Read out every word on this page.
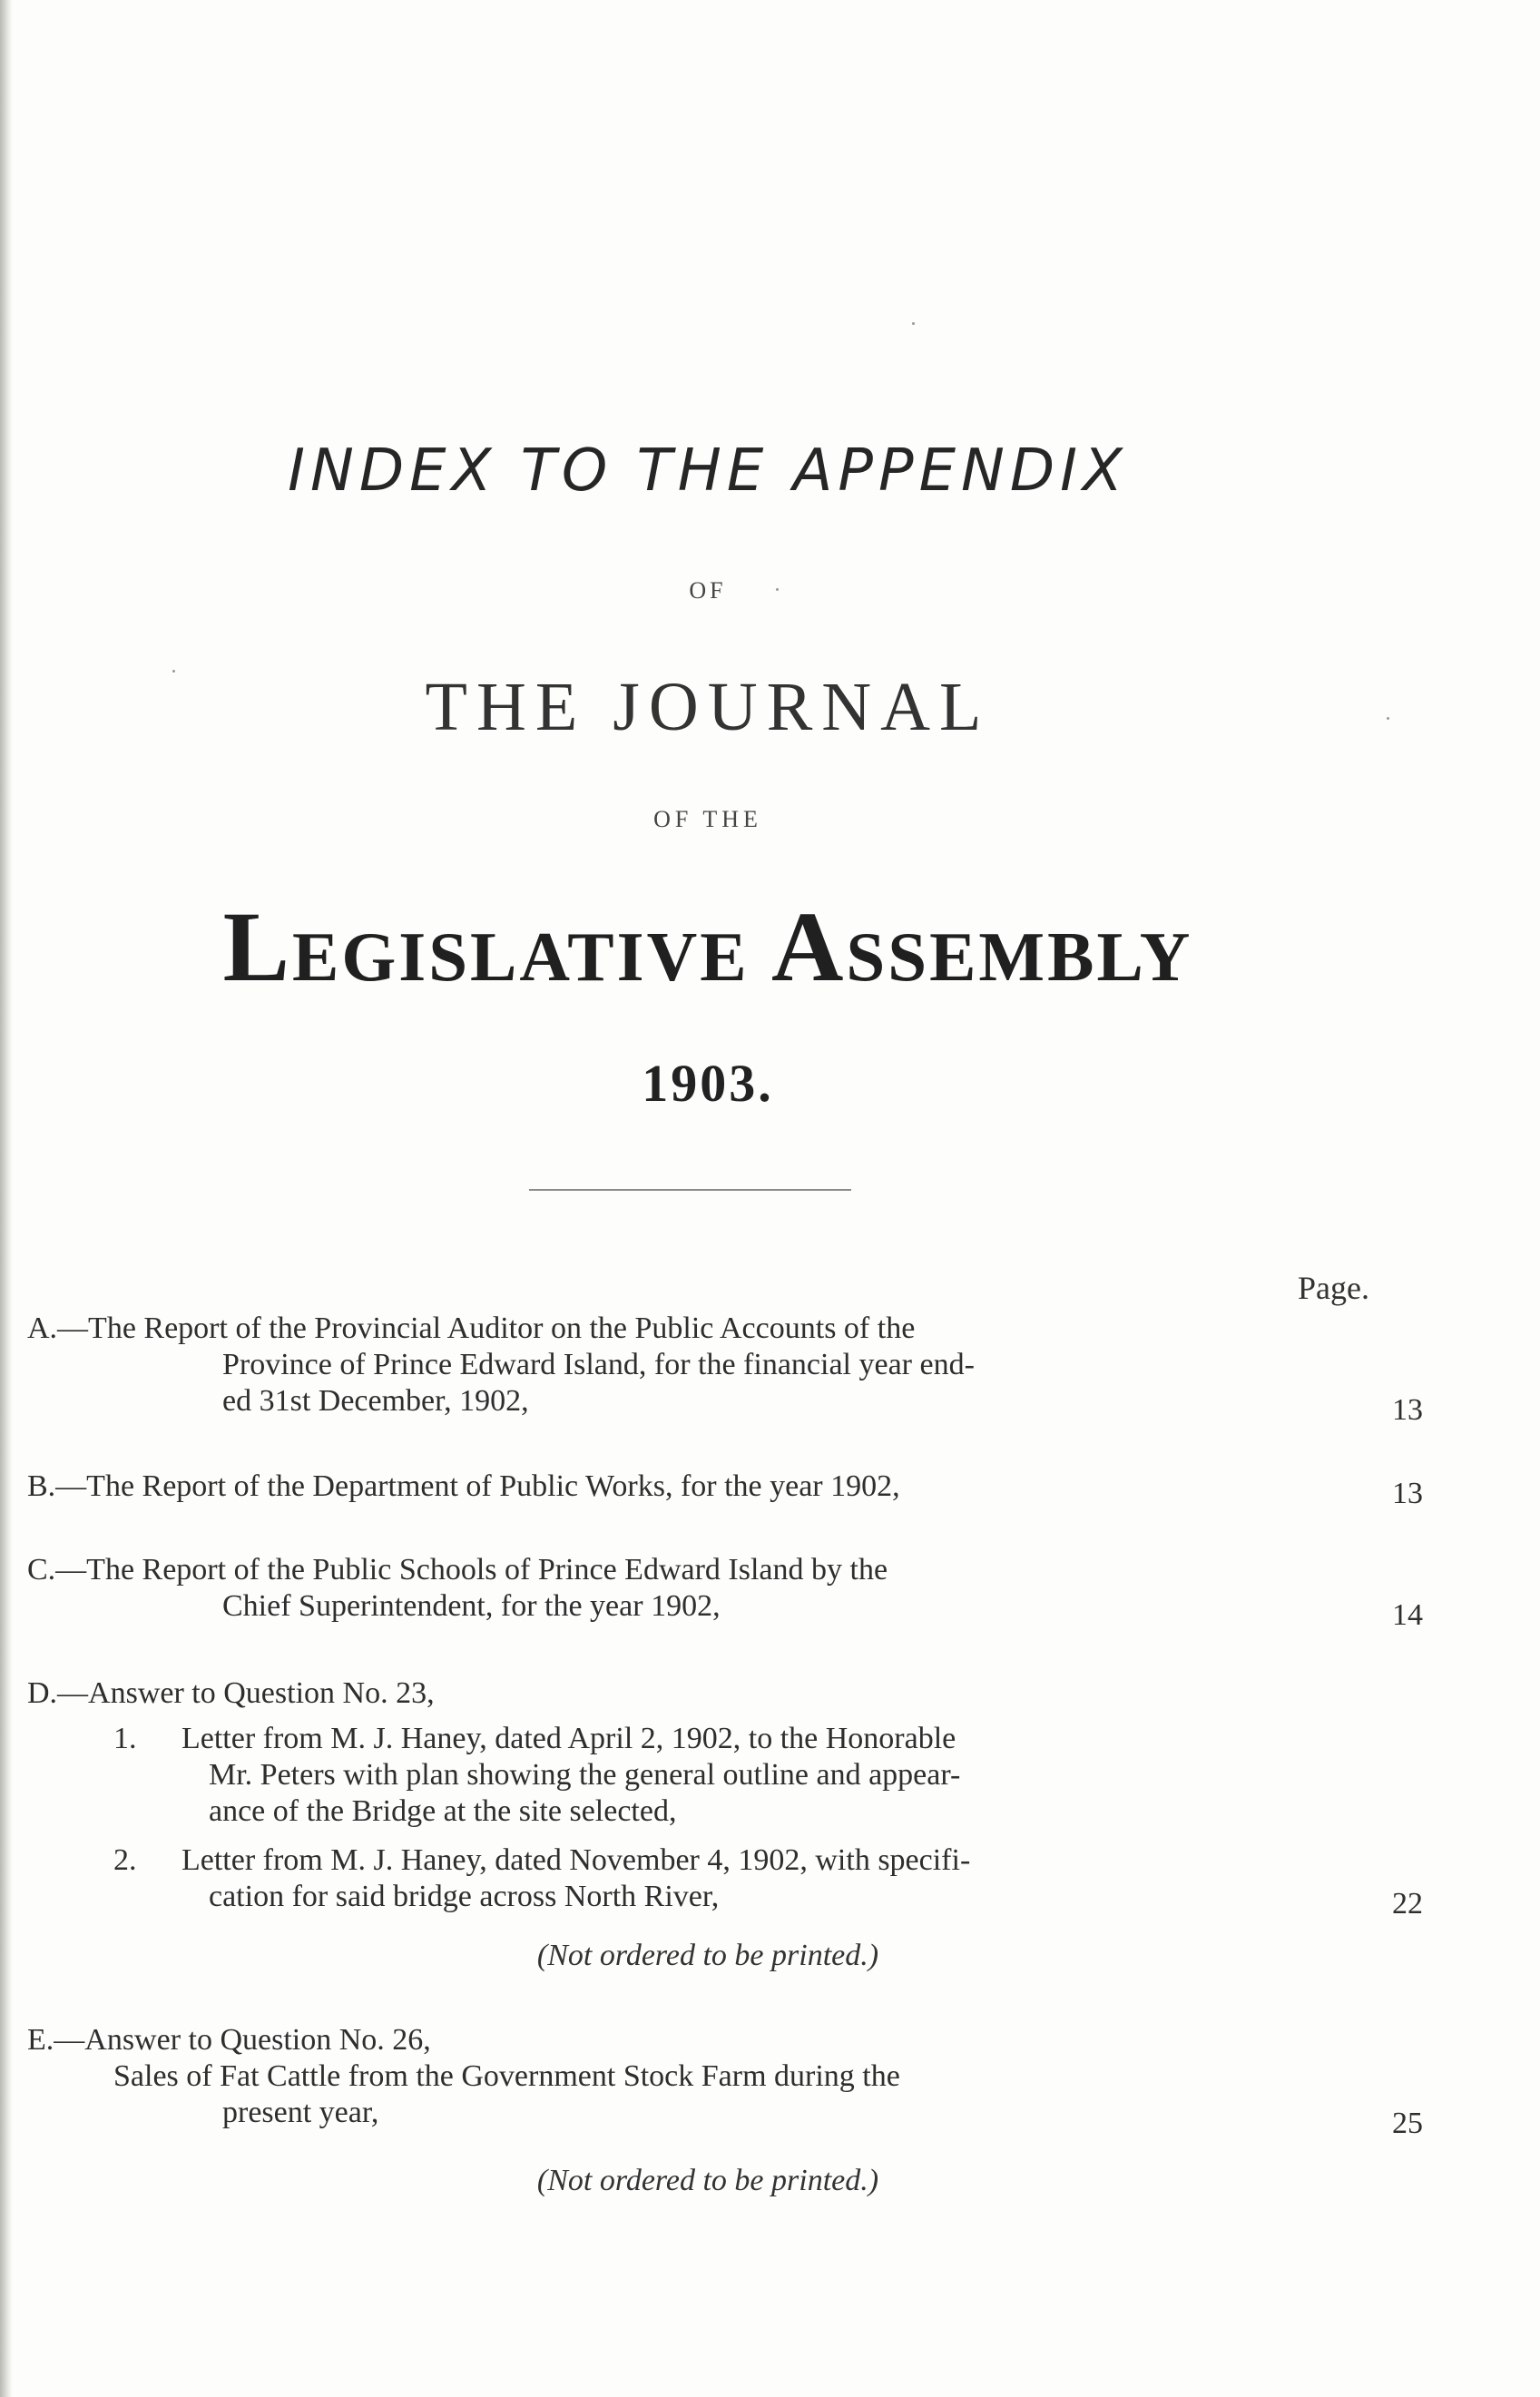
INDEX TO THE APPENDIX
OF
THE JOURNAL
OF THE
Legislative Assembly
1903.
Page.
A.—The Report of the Provincial Auditor on the Public Accounts of the
Province of Prince Edward Island, for the financial year end-
ed 31st December, 1902,	13
B.—The Report of the Department of Public Works, for the year 1902,	13
C.—The Report of the Public Schools of Prince Edward Island by the
Chief Superintendent, for the year 1902,	14
D.—Answer to Question No. 23,
1. Letter from M. J. Haney, dated April 2, 1902, to the Honorable
Mr. Peters with plan showing the general outline and appear-
ance of the Bridge at the site selected,
2. Letter from M. J. Haney, dated November 4, 1902, with specifi-
cation for said bridge across North River,	22
(Not ordered to be printed.)
E.—Answer to Question No. 26,
Sales of Fat Cattle from the Government Stock Farm during the
present year,	25
(Not ordered to be printed.)
